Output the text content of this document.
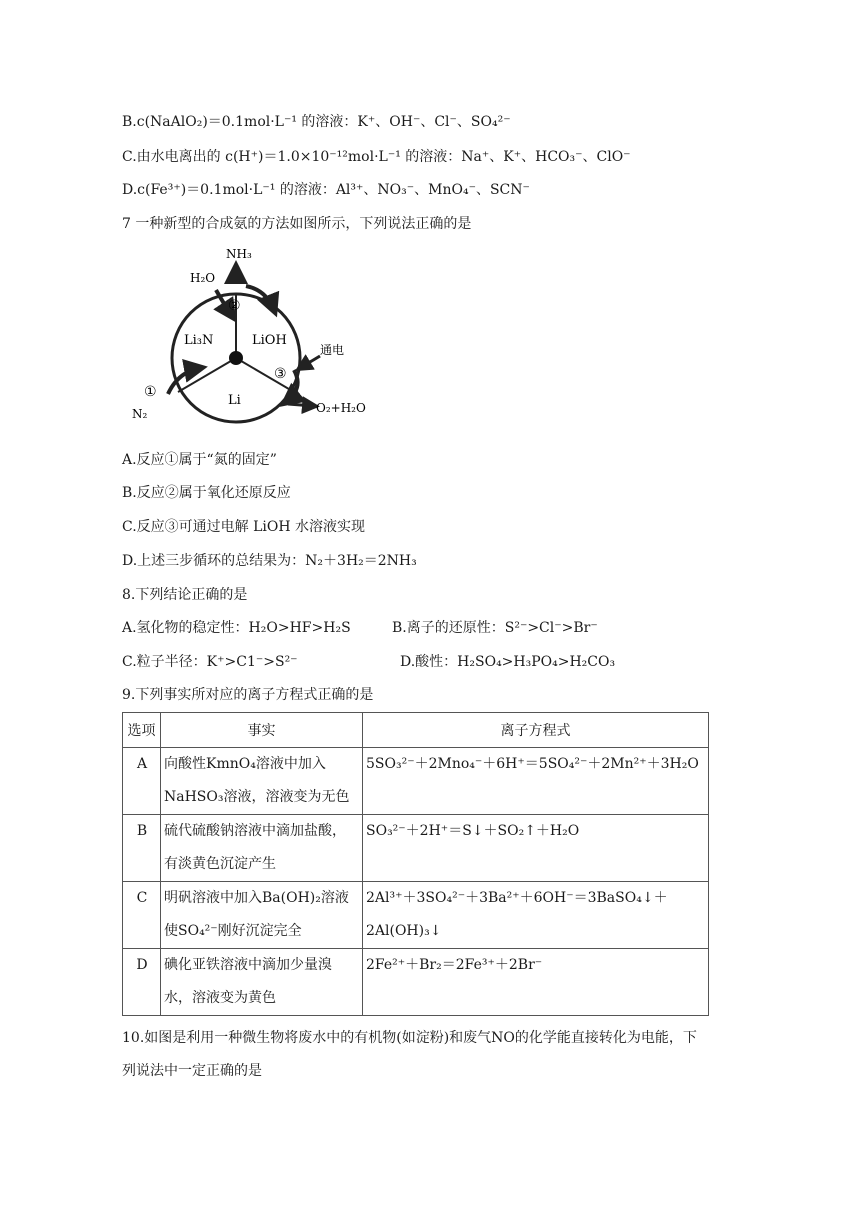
B.c(NaAlO₂)＝0.1mol·L⁻¹ 的溶液：K⁺、OH⁻、Cl⁻、SO₄²⁻
C.由水电离出的 c(H⁺)＝1.0×10⁻¹²mol·L⁻¹ 的溶液：Na⁺、K⁺、HCO₃⁻、ClO⁻
D.c(Fe³⁺)＝0.1mol·L⁻¹ 的溶液：Al³⁺、NO₃⁻、MnO₄⁻、SCN⁻
7 一种新型的合成氨的方法如图所示，下列说法正确的是
NH₃
H₂O
②
Li₃N	LiOH
Li
①
N₂
③
通电
O₂+H₂O
A.反应①属于“氮的固定”
B.反应②属于氧化还原反应
C.反应③可通过电解 LiOH 水溶液实现
D.上述三步循环的总结果为：N₂＋3H₂＝2NH₃
8.下列结论正确的是
A.氢化物的稳定性：H₂O>HF>H₂S	B.离子的还原性：S²⁻>Cl⁻>Br⁻
C.粒子半径：K⁺>C1⁻>S²⁻	D.酸性：H₂SO₄>H₃PO₄>H₂CO₃
9.下列事实所对应的离子方程式正确的是
选项	事实	离子方程式
A	向酸性KmnO₄溶液中加入
NaHSO₃溶液，溶液变为无色	5SO₃²⁻＋2Mno₄⁻＋6H⁺＝5SO₄²⁻＋2Mn²⁺＋3H₂O
B	硫代硫酸钠溶液中滴加盐酸，
有淡黄色沉淀产生	SO₃²⁻＋2H⁺＝S↓＋SO₂↑＋H₂O
C	明矾溶液中加入Ba(OH)₂溶液
使SO₄²⁻刚好沉淀完全	2Al³⁺＋3SO₄²⁻＋3Ba²⁺＋6OH⁻＝3BaSO₄↓＋
2Al(OH)₃↓
D	碘化亚铁溶液中滴加少量溴
水，溶液变为黄色	2Fe²⁺＋Br₂＝2Fe³⁺＋2Br⁻
10.如图是利用一种微生物将废水中的有机物(如淀粉)和废气NO的化学能直接转化为电能，下
列说法中一定正确的是
